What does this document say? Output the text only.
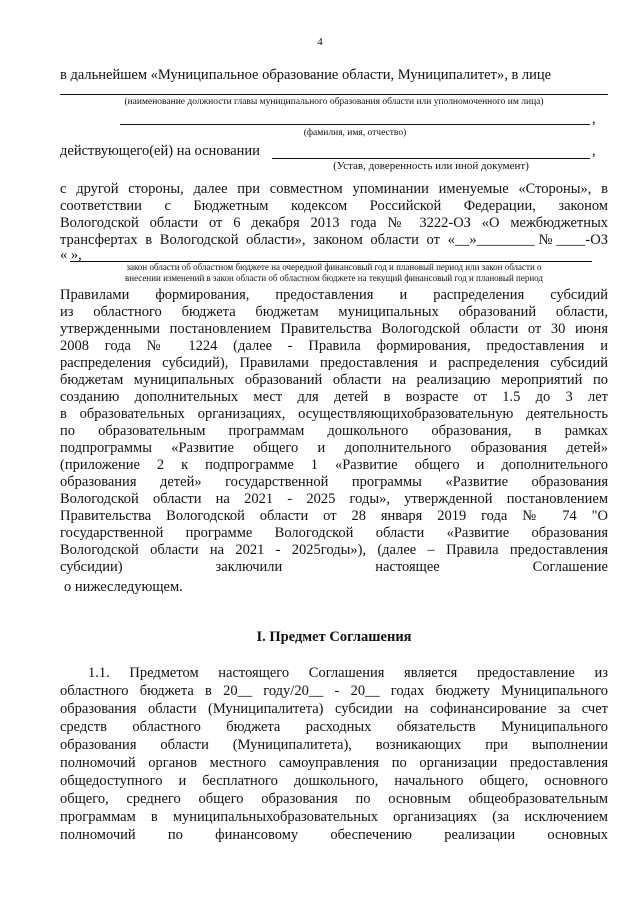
4
в дальнейшем «Муниципальное образование области, Муниципалитет», в лице
(наименование должности главы муниципального образования области или уполномоченного им лица)
,
(фамилия, имя, отчество)
действующего(ей) на основании	,
(Устав, доверенность или иной документ)
с другой стороны, далее при совместном упоминании именуемые «Стороны», в
соответствии с Бюджетным кодексом Российской Федерации, законом
Вологодской области от 6 декабря 2013 года № 3222-ОЗ «О межбюджетных
трансфертах в Вологодской области», законом области от «__»________№____-ОЗ
« »,
закон области об областном бюджете на очередной финансовый год и плановый период или закон области о
внесении изменений в закон области об областном бюджете на текущий финансовый год и плановый период
Правилами формирования, предоставления и распределения субсидий
из областного бюджета бюджетам муниципальных образований области,
утвержденными постановлением Правительства Вологодской области от 30 июня
2008 года № 1224 (далее - Правила формирования, предоставления и
распределения субсидий), Правилами предоставления и распределения субсидий
бюджетам муниципальных образований области на реализацию мероприятий по
созданию дополнительных мест для детей в возрасте от 1.5 до 3 лет
в образовательных организациях, осуществляющихобразовательную деятельность
по образовательным программам дошкольного образования, в рамках
подпрограммы «Развитие общего и дополнительного образования детей»
(приложение 2 к подпрограмме 1 «Развитие общего и дополнительного
образования детей» государственной программы «Развитие образования
Вологодской области на 2021 - 2025 годы», утвержденной постановлением
Правительства Вологодской области от 28 января 2019 года № 74 "О
государственной программе Вологодской области «Развитие образования
Вологодской области на 2021 - 2025годы»), (далее – Правила предоставления
субсидии) заключили настоящее Соглашение
о нижеследующем.
I. Предмет Соглашения
1.1. Предметом настоящего Соглашения является предоставление из
областного бюджета в 20__ году/20__ - 20__ годах бюджету Муниципального
образования области (Муниципалитета) субсидии на софинансирование за счет
средств областного бюджета расходных обязательств Муниципального
образования области (Муниципалитета), возникающих при выполнении
полномочий органов местного самоуправления по организации предоставления
общедоступного и бесплатного дошкольного, начального общего, основного
общего, среднего общего образования по основным общеобразовательным
программам в муниципальныхобразовательных организациях (за исключением
полномочий по финансовому обеспечению реализации основных
